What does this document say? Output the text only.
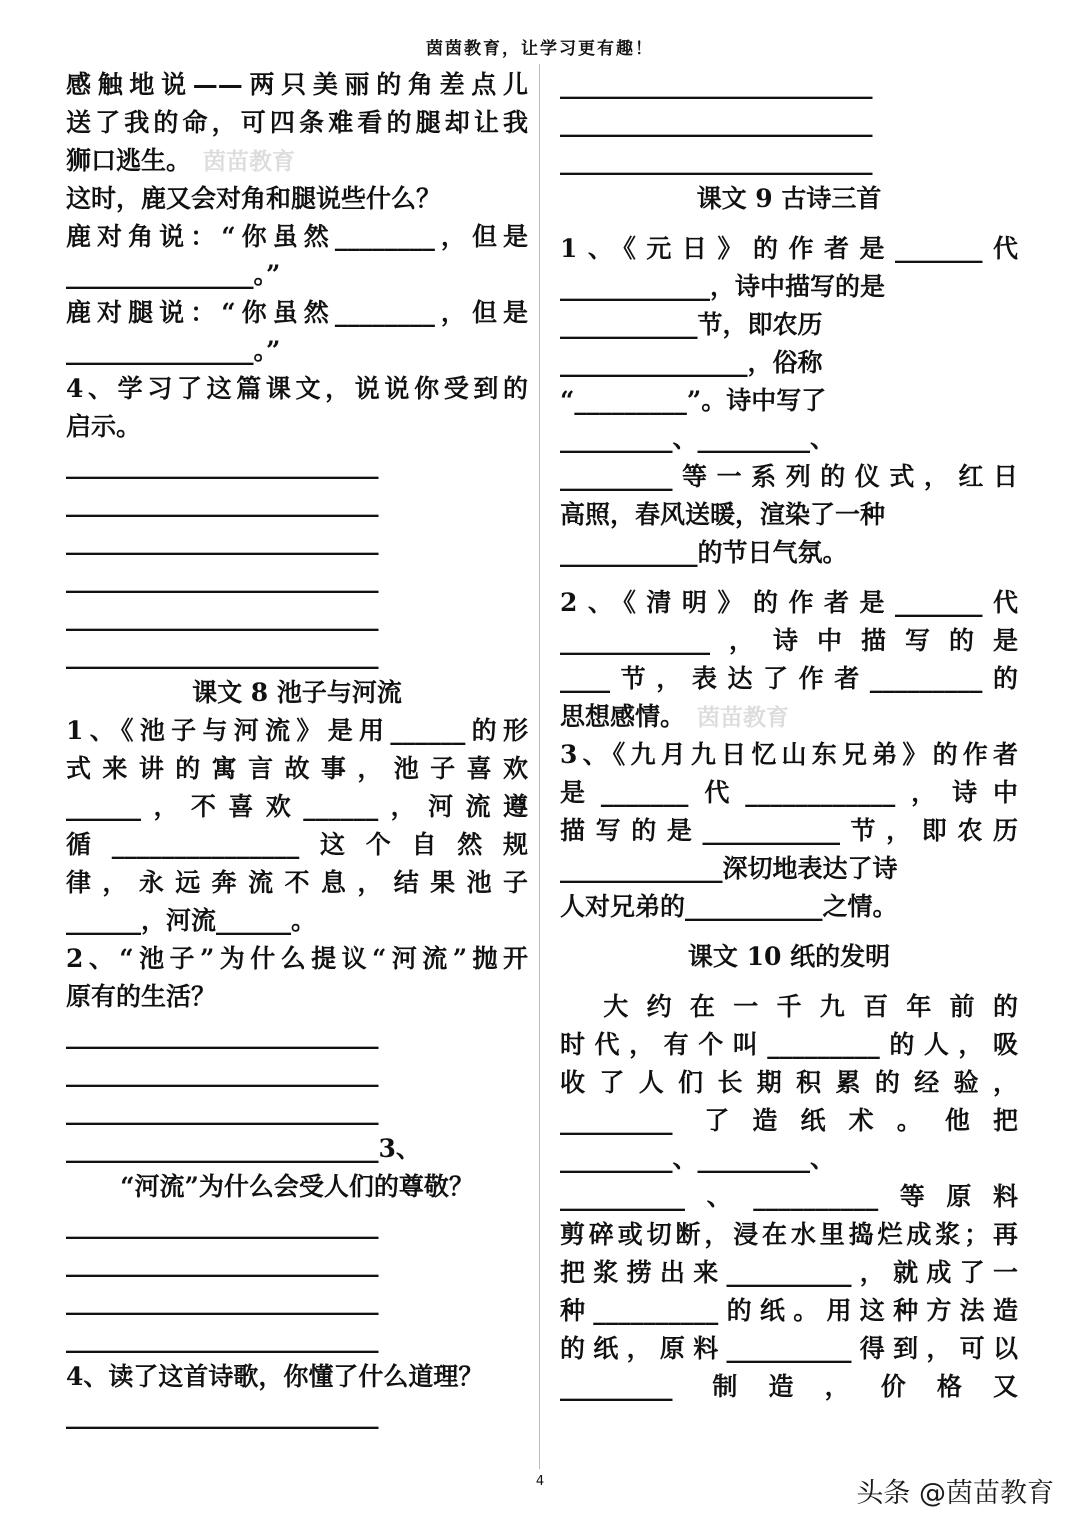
茵茵教育，让学习更有趣！
感触地说——两只美丽的角差点儿
送了我的命，可四条难看的腿却让我
狮口逃生。 茵苗教育
这时，鹿又会对角和腿说些什么？
鹿对角说：“你虽然________，但是
_______________。”
鹿对腿说：“你虽然________，但是
_______________。”
4、学习了这篇课文，说说你受到的
启示。
_________________________
_________________________
_________________________
_________________________
_________________________
_________________________
课文 8 池子与河流
1、《池子与河流》是用______的形
式来讲的寓言故事，池子喜欢
______，不喜欢______，河流遵
循_______________这个自然规
律，永远奔流不息，结果池子
______，河流______。
2、“池子”为什么提议“河流”抛开
原有的生活？
_________________________
_________________________
_________________________
_________________________3、
“河流”为什么会受人们的尊敬？
_________________________
_________________________
_________________________
_________________________
4、读了这首诗歌，你懂了什么道理？
_________________________
_________________________
_________________________
_________________________
课文 9 古诗三首
1、《元日》的作者是_______代
____________，诗中描写的是
___________节，即农历
_______________，俗称
“_________”。诗中写了
_________、_________、
_________等一系列的仪式，红日
高照，春风送暖，渲染了一种
___________的节日气氛。
2、《清明》的作者是_______代
____________，诗中描写的是
____节，表达了作者_________的
思想感情。 茵苗教育
3、《九月九日忆山东兄弟》的作者
是_______代____________，诗中
描写的是___________节，即农历
_____________深切地表达了诗
人对兄弟的___________之情。
课文 10 纸的发明
　大约在一千九百年前的
时代，有个叫_________的人，吸
收了人们长期积累的经验，
_________ 了造纸术。他把
_________、_________、
__________、__________等原料
剪碎或切断，浸在水里捣烂成浆；再
把浆捞出来__________，就成了一
种__________的纸。用这种方法造
的纸，原料__________得到，可以
_________ 制造，价格又
4	头条 @茵苗教育
